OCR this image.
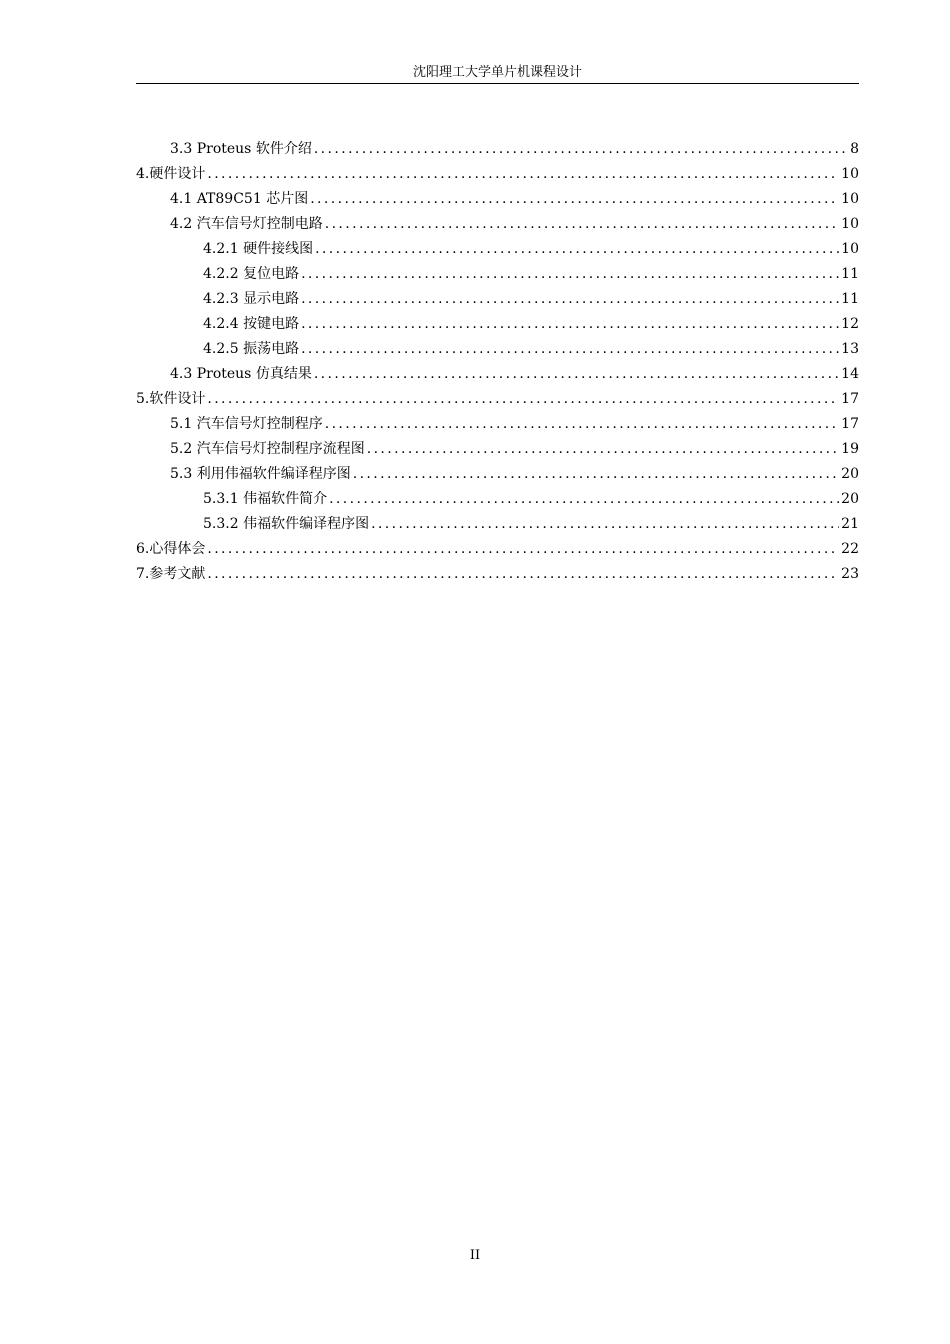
沈阳理工大学单片机课程设计
3.3 Proteus 软件介绍 .....	8
4.硬件设计 .....	10
4.1 AT89C51 芯片图 .....	10
4.2 汽车信号灯控制电路 .....	10
4.2.1 硬件接线图 .....	10
4.2.2 复位电路 .....	11
4.2.3 显示电路 .....	11
4.2.4 按键电路 .....	12
4.2.5 振荡电路 .....	13
4.3 Proteus 仿真结果 .....	14
5.软件设计 .....	17
5.1 汽车信号灯控制程序 .....	17
5.2 汽车信号灯控制程序流程图 .....	19
5.3 利用伟福软件编译程序图 .....	20
5.3.1 伟福软件简介 .....	20
5.3.2 伟福软件编译程序图 .....	21
6.心得体会 .....	22
7.参考文献 .....	23
II
